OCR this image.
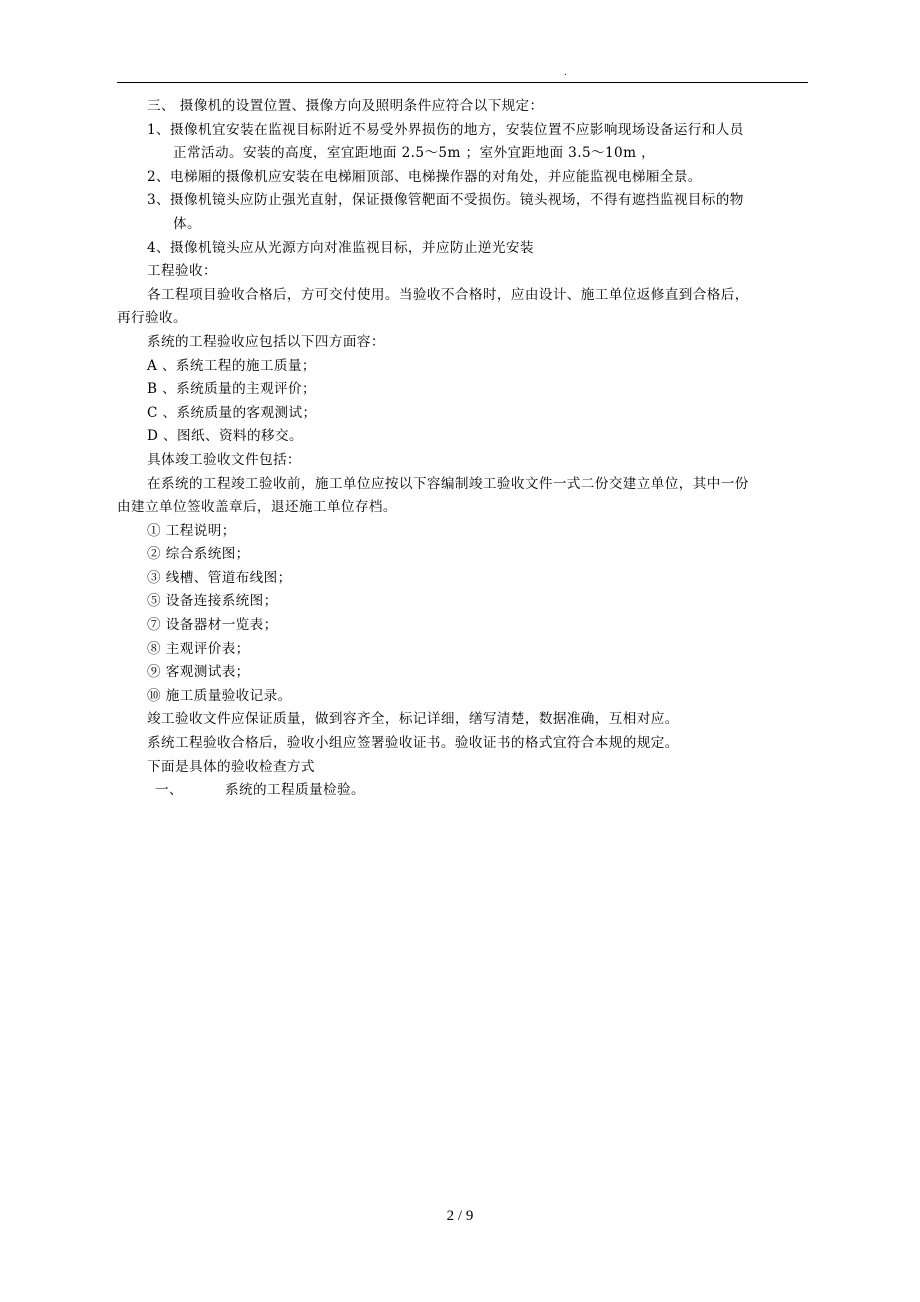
.

三、 摄像机的设置位置、摄像方向及照明条件应符合以下规定：

1、摄像机宜安装在监视目标附近不易受外界损伤的地方，安装位置不应影响现场设备运行和人员

正常活动。安装的高度，室宜距地面 2.5～5m ；室外宜距地面 3.5～10m ，

2、电梯厢的摄像机应安装在电梯厢顶部、电梯操作器的对角处，并应能监视电梯厢全景。

3、摄像机镜头应防止强光直射，保证摄像管靶面不受损伤。镜头视场，不得有遮挡监视目标的物

体。

4、摄像机镜头应从光源方向对准监视目标，并应防止逆光安装

工程验收：

各工程项目验收合格后，方可交付使用。当验收不合格时，应由设计、施工单位返修直到合格后，

再行验收。

系统的工程验收应包括以下四方面容：

A 、系统工程的施工质量；

B 、系统质量的主观评价；

C 、系统质量的客观测试；

D 、图纸、资料的移交。

具体竣工验收文件包括：

在系统的工程竣工验收前，施工单位应按以下容编制竣工验收文件一式二份交建立单位，其中一份

由建立单位签收盖章后，退还施工单位存档。

① 工程说明；

② 综合系统图；

③ 线槽、管道布线图；

⑤ 设备连接系统图；

⑦ 设备器材一览表；

⑧ 主观评价表；

⑨ 客观测试表；

⑩ 施工质量验收记录。

竣工验收文件应保证质量，做到容齐全，标记详细，缮写清楚，数据准确，互相对应。

系统工程验收合格后，验收小组应签署验收证书。验收证书的格式宜符合本规的规定。

下面是具体的验收检查方式

一、	系统的工程质量检验。

2 / 9
